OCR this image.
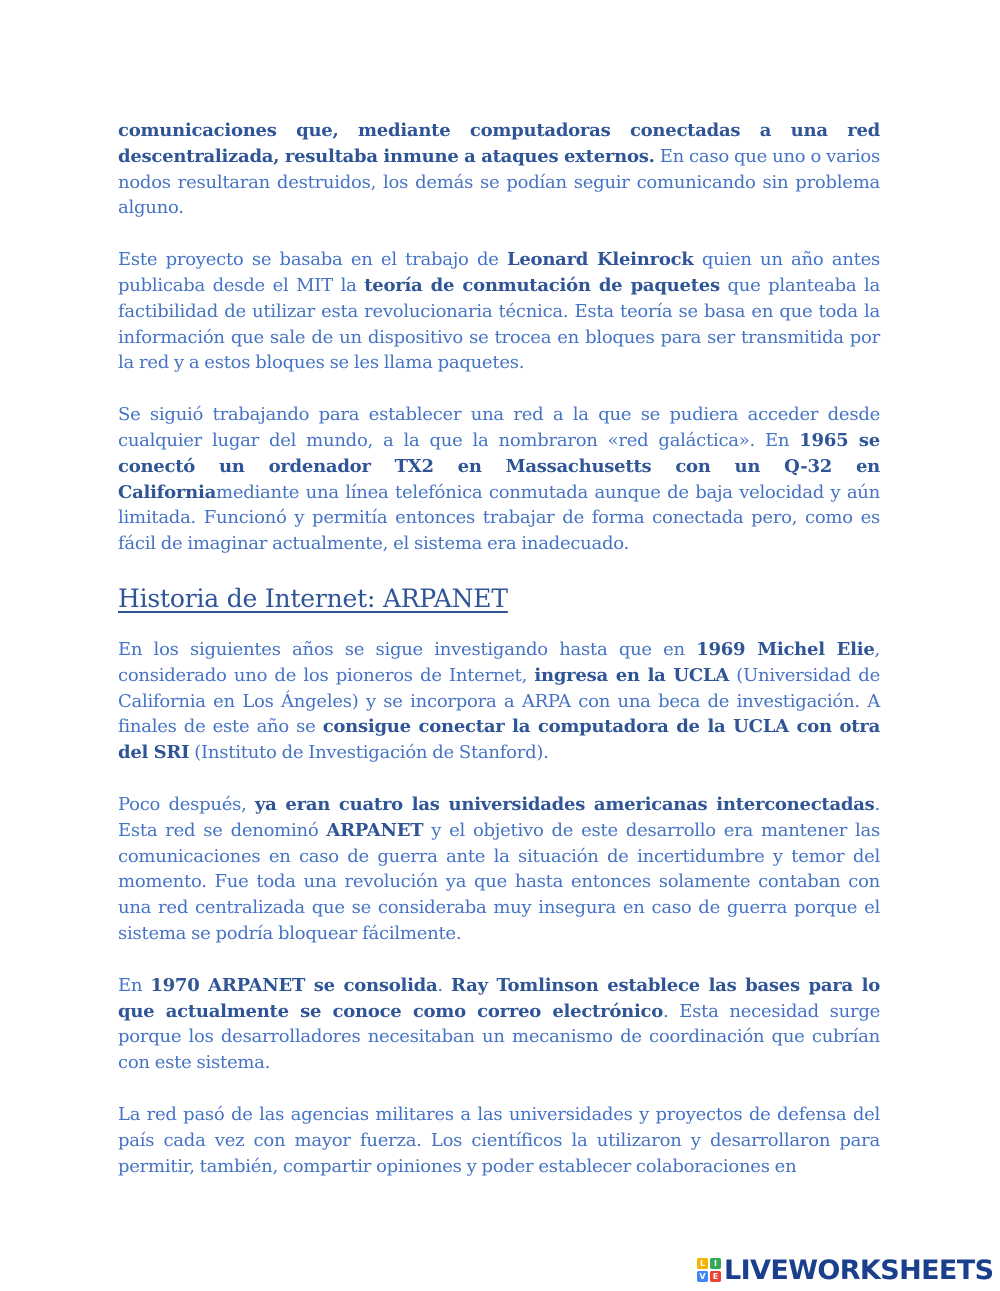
comunicaciones que, mediante computadoras conectadas a una red descentralizada, resultaba inmune a ataques externos. En caso que uno o varios nodos resultaran destruidos, los demás se podían seguir comunicando sin problema alguno.

Este proyecto se basaba en el trabajo de Leonard Kleinrock quien un año antes publicaba desde el MIT la teoría de conmutación de paquetes que planteaba la factibilidad de utilizar esta revolucionaria técnica. Esta teoría se basa en que toda la información que sale de un dispositivo se trocea en bloques para ser transmitida por la red y a estos bloques se les llama paquetes.

Se siguió trabajando para establecer una red a la que se pudiera acceder desde cualquier lugar del mundo, a la que la nombraron «red galáctica». En 1965 se conectó un ordenador TX2 en Massachusetts con un Q-32 en Californiamediante una línea telefónica conmutada aunque de baja velocidad y aún limitada. Funcionó y permitía entonces trabajar de forma conectada pero, como es fácil de imaginar actualmente, el sistema era inadecuado.

Historia de Internet: ARPANET

En los siguientes años se sigue investigando hasta que en 1969 Michel Elie, considerado uno de los pioneros de Internet, ingresa en la UCLA (Universidad de California en Los Ángeles) y se incorpora a ARPA con una beca de investigación. A finales de este año se consigue conectar la computadora de la UCLA con otra del SRI (Instituto de Investigación de Stanford).

Poco después, ya eran cuatro las universidades americanas interconectadas. Esta red se denominó ARPANET y el objetivo de este desarrollo era mantener las comunicaciones en caso de guerra ante la situación de incertidumbre y temor del momento. Fue toda una revolución ya que hasta entonces solamente contaban con una red centralizada que se consideraba muy insegura en caso de guerra porque el sistema se podría bloquear fácilmente.

En 1970 ARPANET se consolida. Ray Tomlinson establece las bases para lo que actualmente se conoce como correo electrónico. Esta necesidad surge porque los desarrolladores necesitaban un mecanismo de coordinación que cubrían con este sistema.

La red pasó de las agencias militares a las universidades y proyectos de defensa del país cada vez con mayor fuerza. Los científicos la utilizaron y desarrollaron para permitir, también, compartir opiniones y poder establecer colaboraciones en

L	I
V E LIVEWORKSHEETS
